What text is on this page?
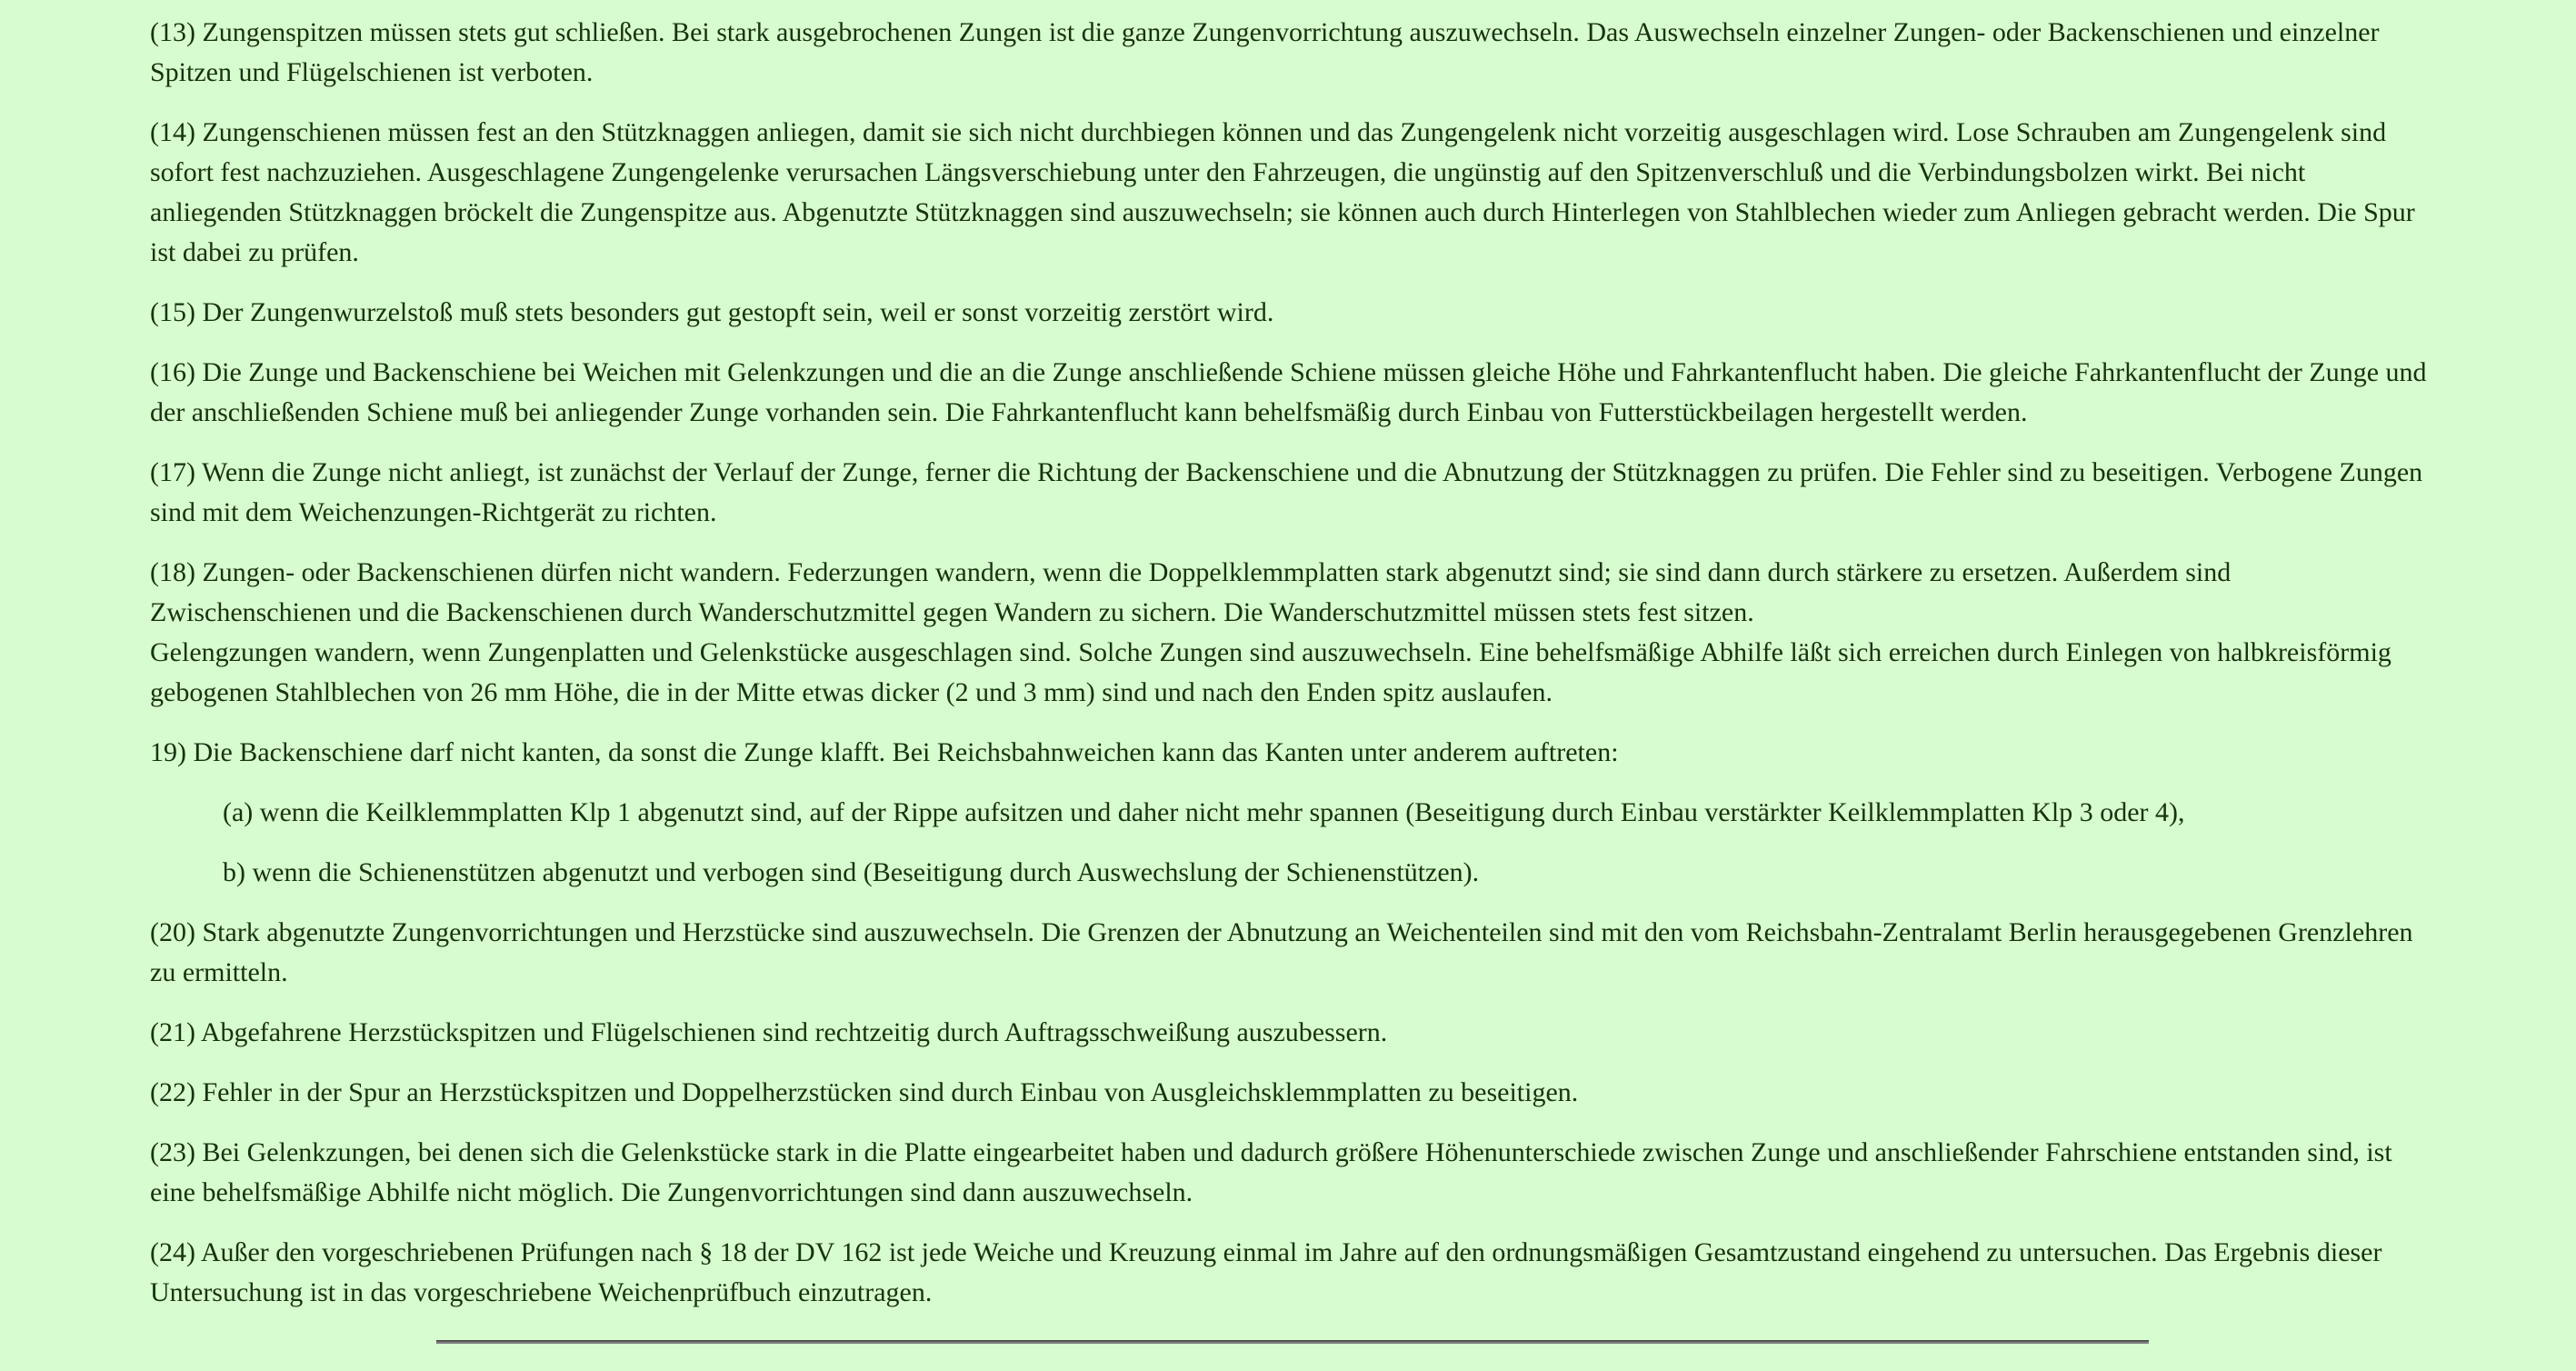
(13) Zungenspitzen müssen stets gut schließen. Bei stark ausgebrochenen Zungen ist die ganze Zungenvorrichtung auszuwechseln. Das Auswechseln einzelner Zungen- oder Backenschienen und einzelner Spitzen und Flügelschienen ist verboten.

(14) Zungenschienen müssen fest an den Stützknaggen anliegen, damit sie sich nicht durchbiegen können und das Zungengelenk nicht vorzeitig ausgeschlagen wird. Lose Schrauben am Zungengelenk sind sofort fest nachzuziehen. Ausgeschlagene Zungengelenke verursachen Längsverschiebung unter den Fahrzeugen, die ungünstig auf den Spitzenverschluß und die Verbindungsbolzen wirkt. Bei nicht anliegenden Stützknaggen bröckelt die Zungenspitze aus. Abgenutzte Stützknaggen sind auszuwechseln; sie können auch durch Hinterlegen von Stahlblechen wieder zum Anliegen gebracht werden. Die Spur ist dabei zu prüfen.

(15) Der Zungenwurzelstoß muß stets besonders gut gestopft sein, weil er sonst vorzeitig zerstört wird.

(16) Die Zunge und Backenschiene bei Weichen mit Gelenkzungen und die an die Zunge anschließende Schiene müssen gleiche Höhe und Fahrkantenflucht haben. Die gleiche Fahrkantenflucht der Zunge und der anschließenden Schiene muß bei anliegender Zunge vorhanden sein. Die Fahrkantenflucht kann behelfsmäßig durch Einbau von Futterstückbeilagen hergestellt werden.

(17) Wenn die Zunge nicht anliegt, ist zunächst der Verlauf der Zunge, ferner die Richtung der Backenschiene und die Abnutzung der Stützknaggen zu prüfen. Die Fehler sind zu beseitigen. Verbogene Zungen sind mit dem Weichenzungen-Richtgerät zu richten.

(18) Zungen- oder Backenschienen dürfen nicht wandern. Federzungen wandern, wenn die Doppelklemmplatten stark abgenutzt sind; sie sind dann durch stärkere zu ersetzen. Außerdem sind Zwischenschienen und die Backenschienen durch Wanderschutzmittel gegen Wandern zu sichern. Die Wanderschutzmittel müssen stets fest sitzen.
Gelengzungen wandern, wenn Zungenplatten und Gelenkstücke ausgeschlagen sind. Solche Zungen sind auszuwechseln. Eine behelfsmäßige Abhilfe läßt sich erreichen durch Einlegen von halbkreisförmig gebogenen Stahlblechen von 26 mm Höhe, die in der Mitte etwas dicker (2 und 3 mm) sind und nach den Enden spitz auslaufen.

19) Die Backenschiene darf nicht kanten, da sonst die Zunge klafft. Bei Reichsbahnweichen kann das Kanten unter anderem auftreten:

(a) wenn die Keilklemmplatten Klp 1 abgenutzt sind, auf der Rippe aufsitzen und daher nicht mehr spannen (Beseitigung durch Einbau verstärkter Keilklemmplatten Klp 3 oder 4),

b) wenn die Schienenstützen abgenutzt und verbogen sind (Beseitigung durch Auswechslung der Schienenstützen).

(20) Stark abgenutzte Zungenvorrichtungen und Herzstücke sind auszuwechseln. Die Grenzen der Abnutzung an Weichenteilen sind mit den vom Reichsbahn-Zentralamt Berlin herausgegebenen Grenzlehren zu ermitteln.

(21) Abgefahrene Herzstückspitzen und Flügelschienen sind rechtzeitig durch Auftragsschweißung auszubessern.

(22) Fehler in der Spur an Herzstückspitzen und Doppelherzstücken sind durch Einbau von Ausgleichsklemmplatten zu beseitigen.

(23) Bei Gelenkzungen, bei denen sich die Gelenkstücke stark in die Platte eingearbeitet haben und dadurch größere Höhenunterschiede zwischen Zunge und anschließender Fahrschiene entstanden sind, ist eine behelfsmäßige Abhilfe nicht möglich. Die Zungenvorrichtungen sind dann auszuwechseln.

(24) Außer den vorgeschriebenen Prüfungen nach § 18 der DV 162 ist jede Weiche und Kreuzung einmal im Jahre auf den ordnungsmäßigen Gesamtzustand eingehend zu untersuchen. Das Ergebnis dieser Untersuchung ist in das vorgeschriebene Weichenprüfbuch einzutragen.
